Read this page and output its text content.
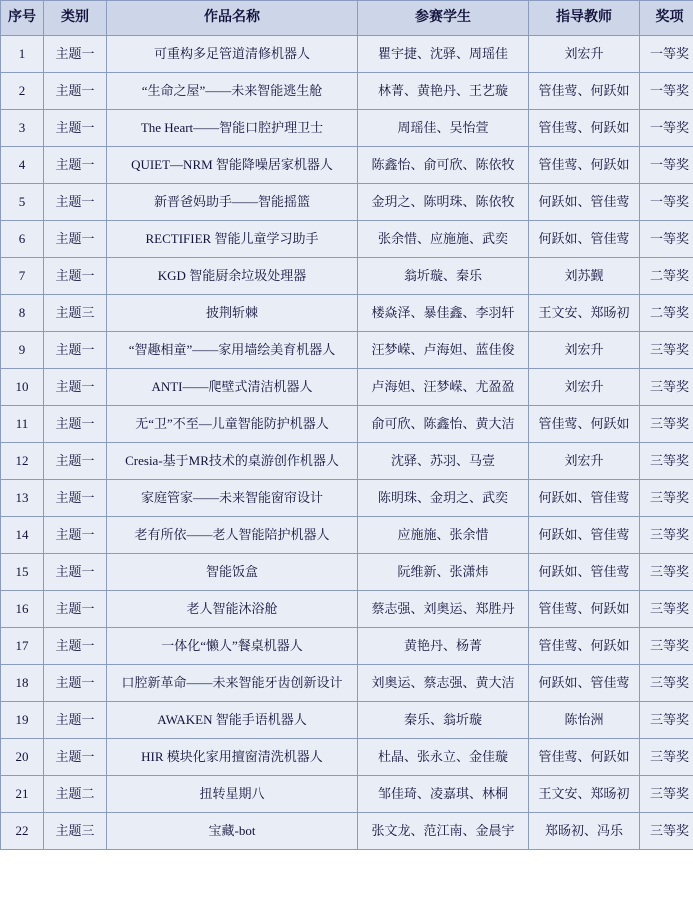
序号	类别	作品名称	参赛学生	指导教师	奖项
1	主题一	可重构多足管道清修机器人	瞿宇捷、沈驿、周瑶佳	刘宏升	一等奖
2	主题一	“生命之屋”——未来智能逃生舱	林菁、黄艳丹、王艺璇	管佳莺、何跃如	一等奖
3	主题一	The Heart——智能口腔护理卫士	周瑶佳、吴怡萱	管佳莺、何跃如	一等奖
4	主题一	QUIET—NRM 智能降噪居家机器人	陈鑫怡、俞可欣、陈依牧	管佳莺、何跃如	一等奖
5	主题一	新晋爸妈助手——智能摇篮	金玥之、陈明珠、陈依牧	何跃如、管佳莺	一等奖
6	主题一	RECTIFIER 智能儿童学习助手	张余惜、应施施、武奕	何跃如、管佳莺	一等奖
7	主题一	KGD 智能厨余垃圾处理器	翁圻璇、秦乐	刘苏觐	二等奖
8	主题三	披荆斩棘	楼焱泽、暴佳鑫、李羽轩	王文安、郑旸初	二等奖
9	主题一	“智趣相童”——家用墙绘美育机器人	汪梦嵘、卢海妲、蓝佳俊	刘宏升	三等奖
10	主题一	ANTI——爬壁式清洁机器人	卢海妲、汪梦嵘、尤盈盈	刘宏升	三等奖
11	主题一	无“卫”不至—儿童智能防护机器人	俞可欣、陈鑫怡、黄大洁	管佳莺、何跃如	三等奖
12	主题一	Cresia-基于MR技术的桌游创作机器人	沈驿、苏羽、马壹	刘宏升	三等奖
13	主题一	家庭管家——未来智能窗帘设计	陈明珠、金玥之、武奕	何跃如、管佳莺	三等奖
14	主题一	老有所依——老人智能陪护机器人	应施施、张余惜	何跃如、管佳莺	三等奖
15	主题一	智能饭盒	阮维新、张潇炜	何跃如、管佳莺	三等奖
16	主题一	老人智能沐浴舱	蔡志强、刘奥运、郑胜丹	管佳莺、何跃如	三等奖
17	主题一	一体化“懒人”餐桌机器人	黄艳丹、杨菁	管佳莺、何跃如	三等奖
18	主题一	口腔新革命——未来智能牙齿创新设计	刘奥运、蔡志强、黄大洁	何跃如、管佳莺	三等奖
19	主题一	AWAKEN 智能手语机器人	秦乐、翁圻璇	陈怡洲	三等奖
20	主题一	HIR 模块化家用擅窗清洗机器人	杜晶、张永立、金佳璇	管佳莺、何跃如	三等奖
21	主题二	扭转星期八	邹佳琦、凌嘉琪、林桐	王文安、郑旸初	三等奖
22	主题三	宝藏-bot	张文龙、范江南、金晨宇	郑旸初、冯乐	三等奖
